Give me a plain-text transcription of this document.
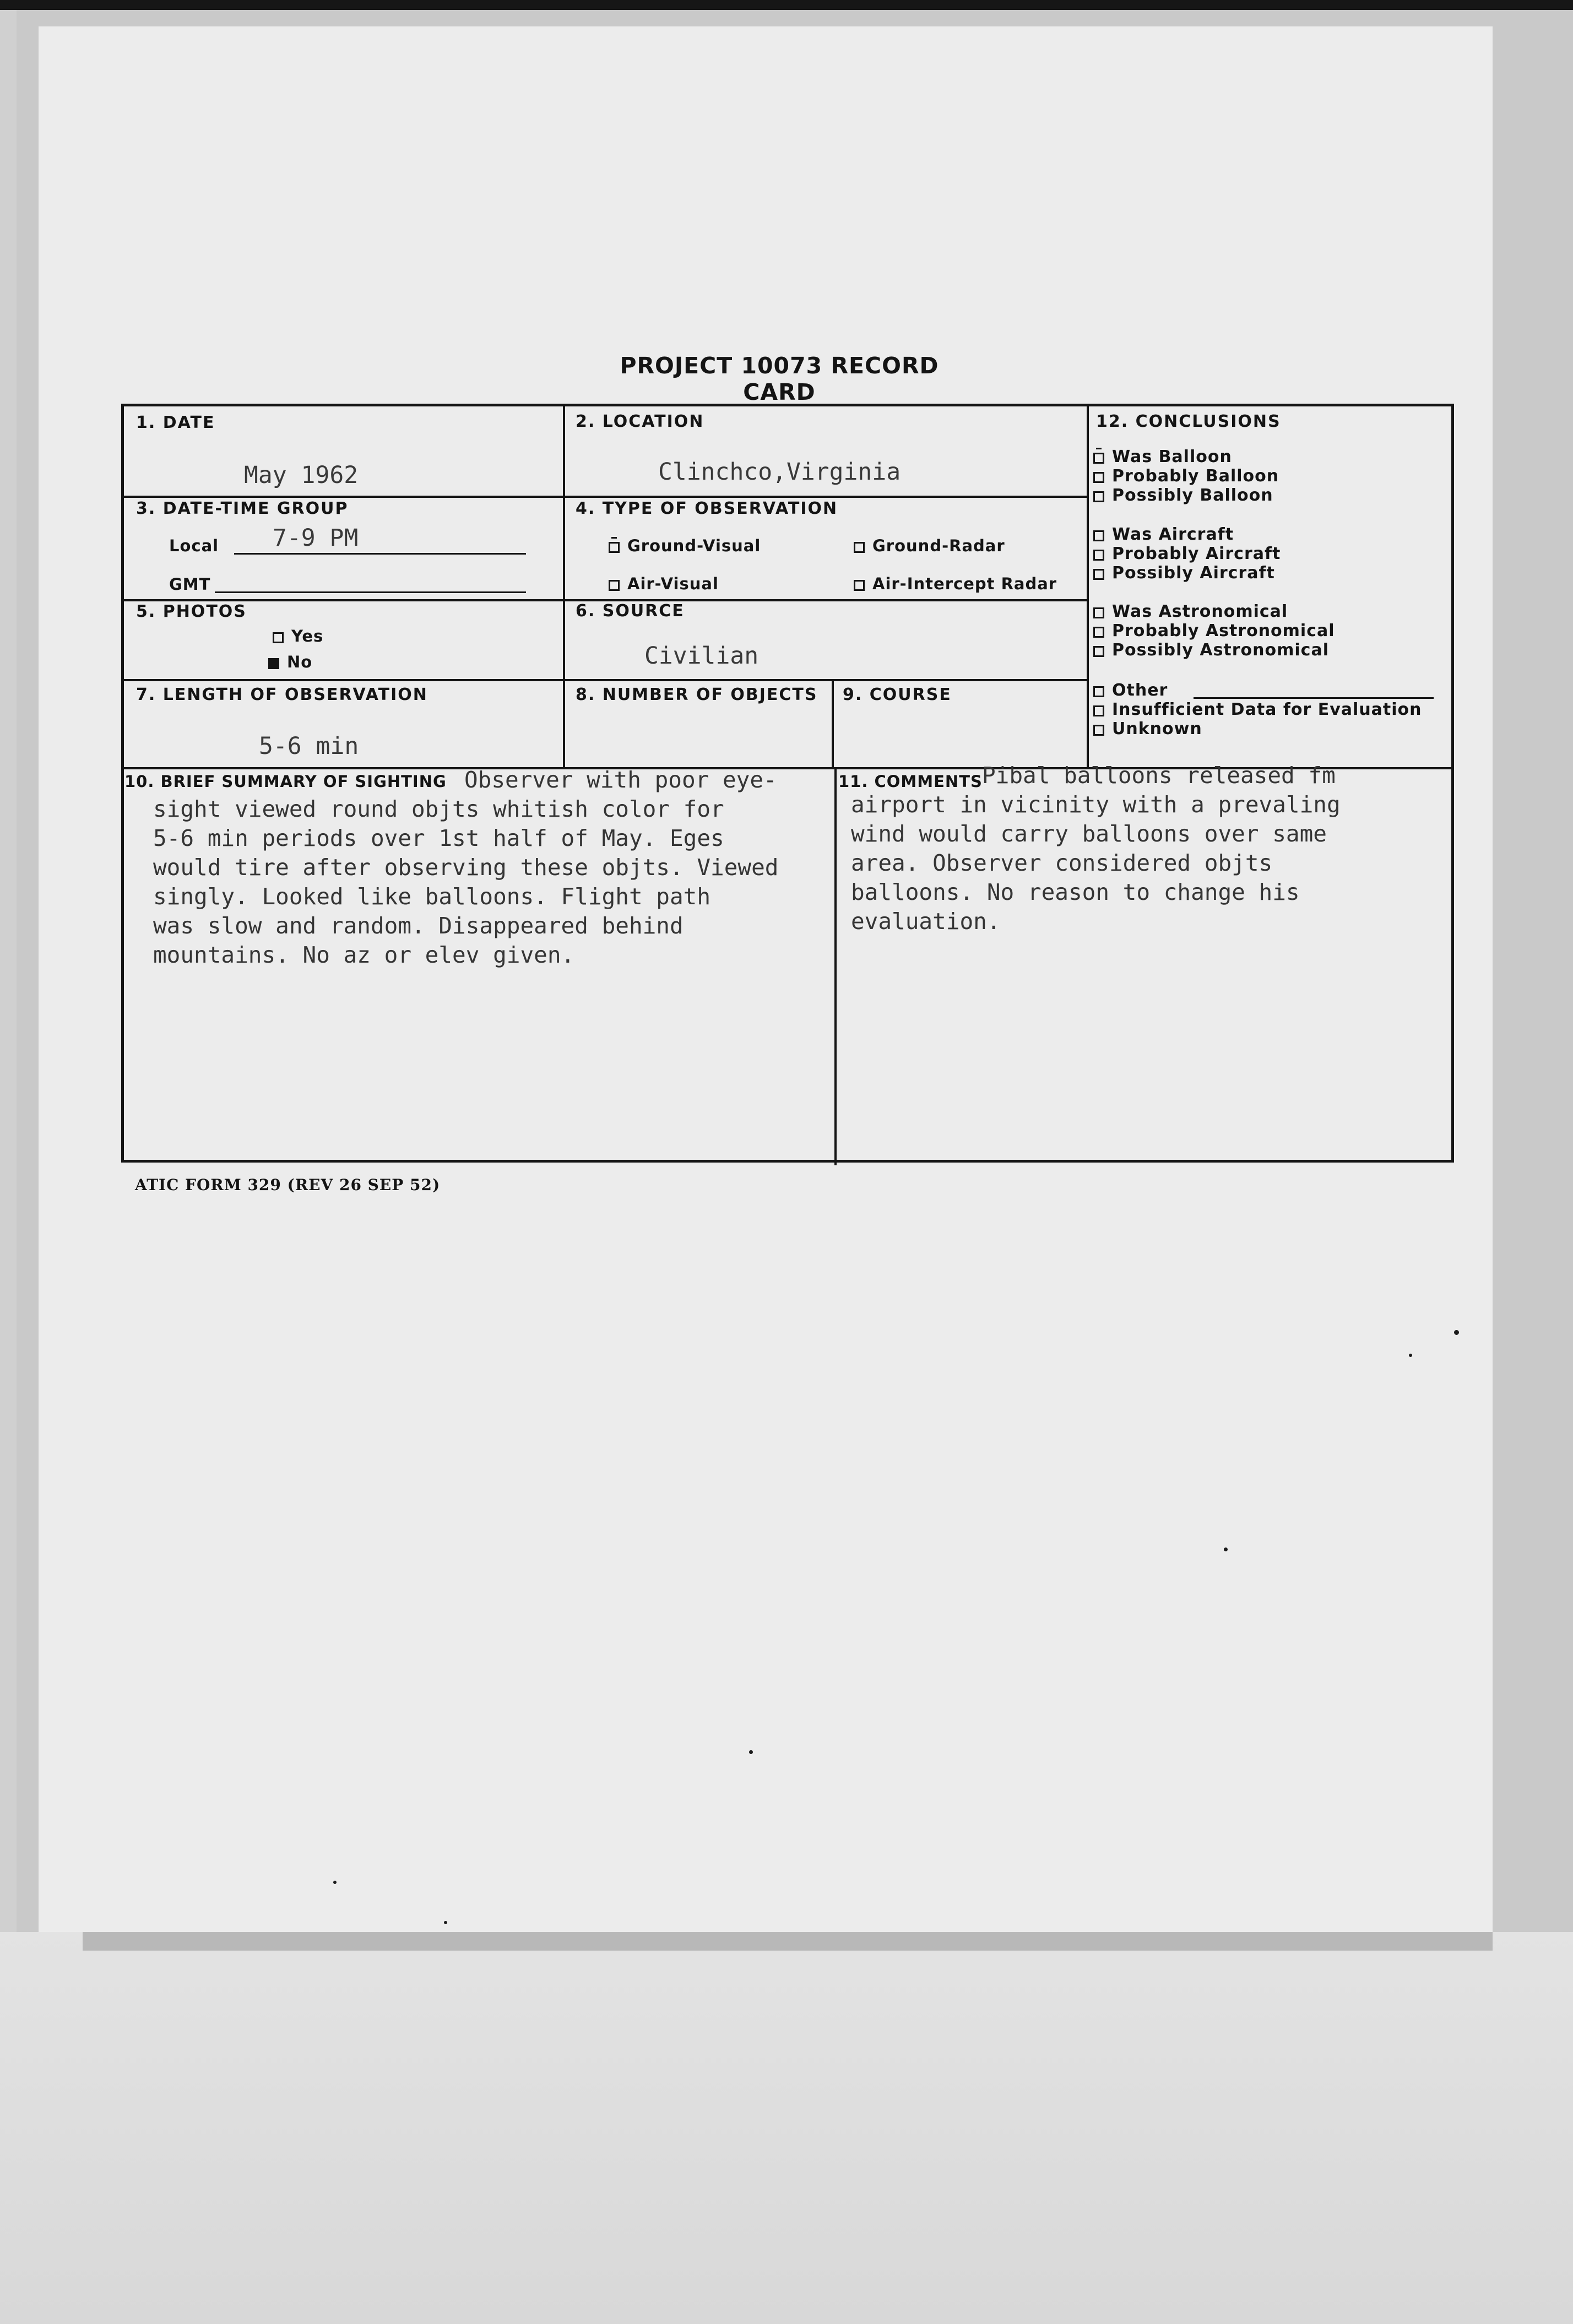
PROJECT 10073 RECORD CARD
1. DATE
May 1962
2. LOCATION
Clinchco,Virginia
3. DATE-TIME GROUP
Local 7-9 PM
GMT
4. TYPE OF OBSERVATION
Ground-Visual	Ground-Radar
Air-Visual	Air-Intercept Radar
5. PHOTOS
Yes
No
6. SOURCE
Civilian
7. LENGTH OF OBSERVATION
5-6 min
8. NUMBER OF OBJECTS 9. COURSE
12. CONCLUSIONS
Was Balloon
Probably Balloon
Possibly Balloon
Was Aircraft
Probably Aircraft
Possibly Aircraft
Was Astronomical
Probably Astronomical
Possibly Astronomical
Other
Insufficient Data for Evaluation
Unknown
10. BRIEF SUMMARY OF SIGHTING Observer with poor eye-
sight viewed round objts whitish color for
5-6 min periods over 1st half of May. Eges
would tire after observing these objts. Viewed
singly. Looked like balloons. Flight path
was slow and random. Disappeared behind
mountains. No az or elev given.
11. COMMENTS Pibal balloons released fm
airport in vicinity with a prevaling
wind would carry balloons over same
area. Observer considered objts
balloons. No reason to change his
evaluation.
ATIC FORM 329 (REV 26 SEP 52)
